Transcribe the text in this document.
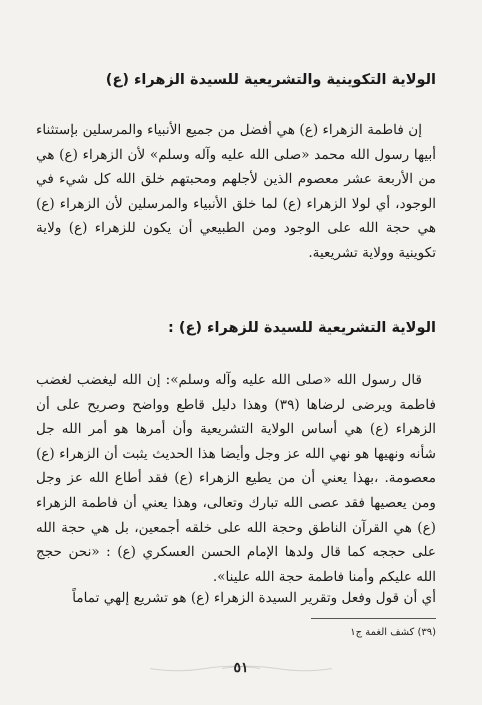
الولاية التكوينية والتشريعية للسيدة الزهراء (ع)
إن فاطمة الزهراء (ع) هي أفضل من جميع الأنبياء والمرسلين بإستثناء أبيها رسول الله محمد «صلى الله عليه وآله وسلم» لأن الزهراء (ع) هي من الأربعة عشر معصوم الذين لأجلهم ومحبتهم خلق الله كل شيء في الوجود، أي لولا الزهراء (ع) لما خلق الأنبياء والمرسلين لأن الزهراء (ع) هي حجة الله على الوجود ومن الطبيعي أن يكون للزهراء (ع) ولاية تكوينية وولاية تشريعية.
الولاية التشريعية للسيدة للزهراء (ع) :
قال رسول الله «صلى الله عليه وآله وسلم»: إن الله ليغضب لغضب فاطمة ويرضى لرضاها (٣٩) وهذا دليل قاطع وواضح وصريح على أن الزهراء (ع) هي أساس الولاية التشريعية وأن أمرها هو أمر الله جل شأنه ونهيها هو نهي الله عز وجل وأيضا هذا الحديث يثبت أن الزهراء (ع) معصومة. ،بهذا يعني أن من يطيع الزهراء (ع) فقد أطاع الله عز وجل ومن يعصيها فقد عصى الله تبارك وتعالى، وهذا يعني أن فاطمة الزهراء (ع) هي القرآن الناطق وحجة الله على خلقه أجمعين، بل هي حجة الله على حججه كما قال ولدها الإمام الحسن العسكري (ع) : «نحن حجج الله عليكم وأمنا فاطمة حجة الله علينا».
أي أن قول وفعل وتقرير السيدة الزهراء (ع) هو تشريع إلهي تماماً
(٣٩) كشف الغمة ج١
٥١
